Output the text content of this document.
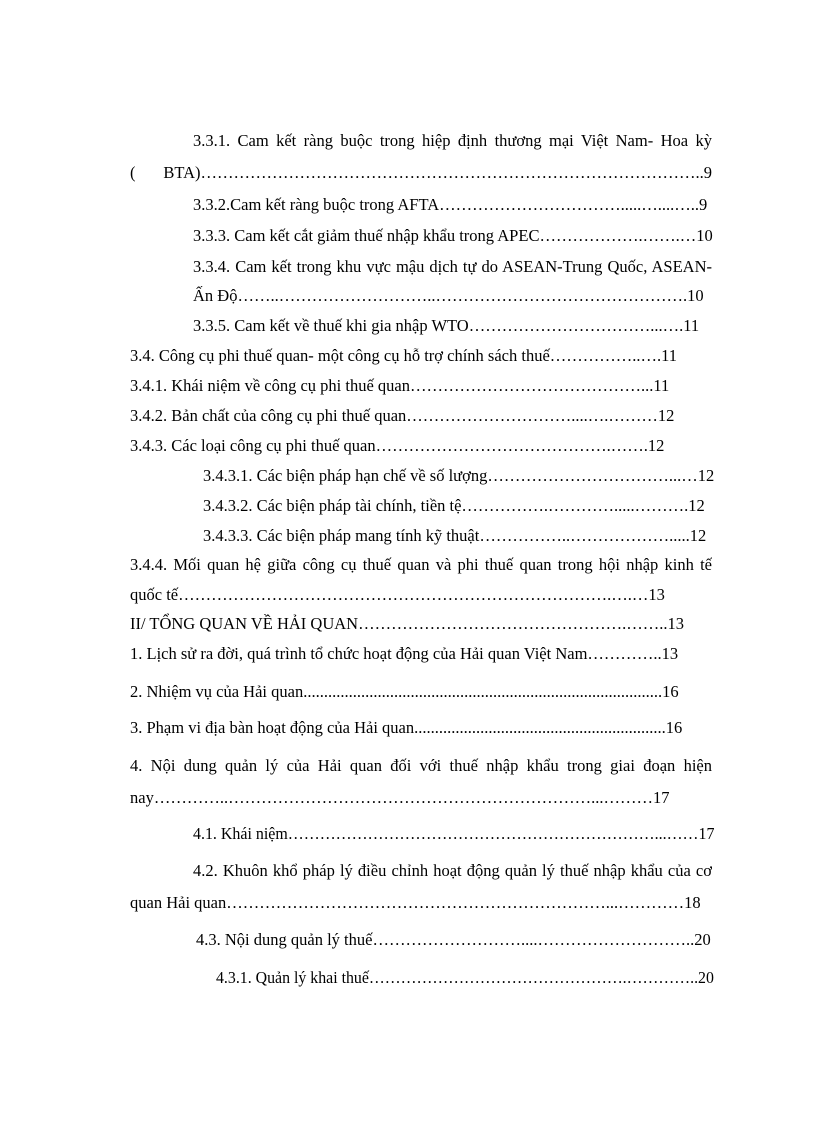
3.3.1. Cam kết ràng buộc trong hiệp định thương mại Việt Nam- Hoa kỳ
( BTA)………………………………………………………………………………..9
3.3.2.Cam kết ràng buộc trong AFTA…………………………….....…....…..9
3.3.3. Cam kết cắt giảm thuế nhập khẩu trong APEC……………….…….…10
3.3.4. Cam kết trong khu vực mậu dịch tự do ASEAN-Trung Quốc, ASEAN-
Ấn Độ……..………………………..……………………………………….10
3.3.5. Cam kết về thuế khi gia nhập WTO……………………………...….11
3.4. Công cụ phi thuế quan- một công cụ hỗ trợ chính sách thuế……………..….11
3.4.1. Khái niệm về công cụ phi thuế quan……………………………………...11
3.4.2. Bản chất của công cụ phi thuế quan…………………………....….………12
3.4.3. Các loại công cụ phi thuế quan…………………………………….…….12
3.4.3.1. Các biện pháp hạn chế về số lượng……………………………...…12
3.4.3.2. Các biện pháp tài chính, tiền tệ…………….………….....……….12
3.4.3.3. Các biện pháp mang tính kỹ thuật……………..……………….....12
3.4.4. Mối quan hệ giữa công cụ thuế quan và phi thuế quan trong hội nhập kinh tế
quốc tế…………………………………………………………………….….…13
II/ TỔNG QUAN VỀ HẢI QUAN………………………………………….……..13
1. Lịch sử ra đời, quá trình tổ chức hoạt động của Hải quan Việt Nam…………..13
2. Nhiệm vụ của Hải quan.......................................................................................16
3. Phạm vi địa bàn hoạt động của Hải quan.............................................................16
4. Nội dung quản lý của Hải quan đối với thuế nhập khẩu trong giai đoạn hiện
nay…………..…………………………………………………………...………17
4.1. Khái niệm……………………………………………………………...……17
4.2. Khuôn khổ pháp lý điều chỉnh hoạt động quản lý thuế nhập khẩu của cơ
quan Hải quan……………………………………………………………...…………18
4.3. Nội dung quản lý thuế………………………....………………………..20
4.3.1. Quản lý khai thuế………………………………………….…………..20
